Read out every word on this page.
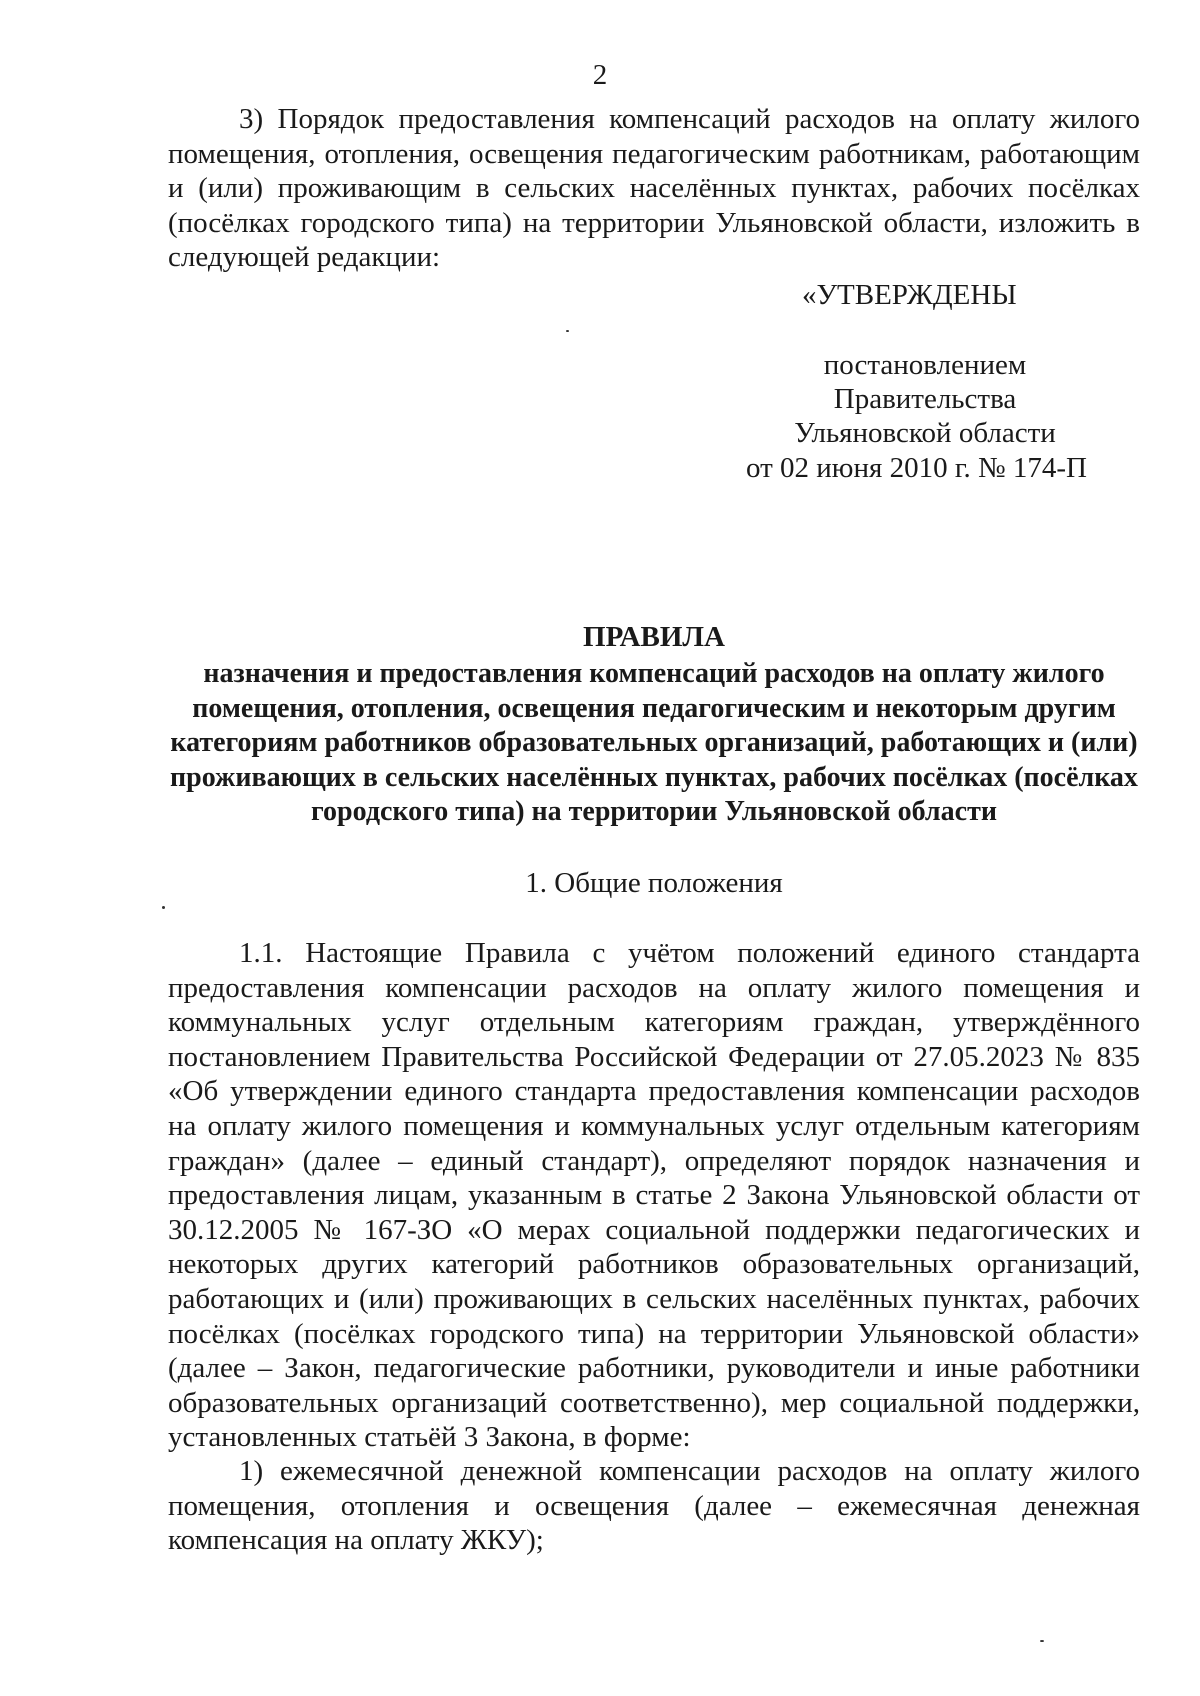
2
3) Порядок предоставления компенсаций расходов на оплату жилого помещения, отопления, освещения педагогическим работникам, работающим и (или) проживающим в сельских населённых пунктах, рабочих посёлках (посёлках городского типа) на территории Ульяновской области, изложить в следующей редакции:
«УТВЕРЖДЕНЫ
постановлением Правительства
Ульяновской области
от 02 июня 2010 г. № 174-П
ПРАВИЛА
назначения и предоставления компенсаций расходов на оплату жилого помещения, отопления, освещения педагогическим и некоторым другим категориям работников образовательных организаций, работающих и (или) проживающих в сельских населённых пунктах, рабочих посёлках (посёлках городского типа) на территории Ульяновской области
1. Общие положения
1.1. Настоящие Правила с учётом положений единого стандарта предоставления компенсации расходов на оплату жилого помещения и коммунальных услуг отдельным категориям граждан, утверждённого постановлением Правительства Российской Федерации от 27.05.2023 № 835 «Об утверждении единого стандарта предоставления компенсации расходов на оплату жилого помещения и коммунальных услуг отдельным категориям граждан» (далее – единый стандарт), определяют порядок назначения и предоставления лицам, указанным в статье 2 Закона Ульяновской области от 30.12.2005 № 167-ЗО «О мерах социальной поддержки педагогических и некоторых других категорий работников образовательных организаций, работающих и (или) проживающих в сельских населённых пунктах, рабочих посёлках (посёлках городского типа) на территории Ульяновской области» (далее – Закон, педагогические работники, руководители и иные работники образовательных организаций соответственно), мер социальной поддержки, установленных статьёй 3 Закона, в форме:
1) ежемесячной денежной компенсации расходов на оплату жилого помещения, отопления и освещения (далее – ежемесячная денежная компенсация на оплату ЖКУ);
